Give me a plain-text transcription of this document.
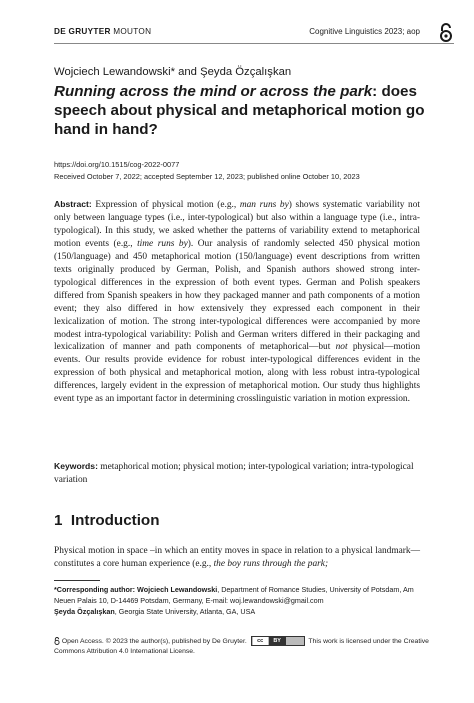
DE GRUYTER MOUTON	Cognitive Linguistics 2023; aop
Wojciech Lewandowski* and Şeyda Özçalışkan
Running across the mind or across the park: does speech about physical and metaphorical motion go hand in hand?
https://doi.org/10.1515/cog-2022-0077
Received October 7, 2022; accepted September 12, 2023; published online October 10, 2023
Abstract: Expression of physical motion (e.g., man runs by) shows systematic variability not only between language types (i.e., inter-typological) but also within a language type (i.e., intra-typological). In this study, we asked whether the patterns of variability extend to metaphorical motion events (e.g., time runs by). Our analysis of randomly selected 450 physical motion (150/language) and 450 metaphorical motion (150/language) event descriptions from written texts originally produced by German, Polish, and Spanish authors showed strong inter-typological differences in the expression of both event types. German and Polish speakers differed from Spanish speakers in how they packaged manner and path components of a motion event; they also differed in how extensively they expressed each component in their lexicalization of motion. The strong inter-typological differences were accompanied by more modest intra-typological variability: Polish and German writers differed in their packaging and lexicalization of manner and path components of metaphorical—but not physical—motion events. Our results provide evidence for robust inter-typological differences evident in the expression of both physical and metaphorical motion, along with less robust intra-typological differences, largely evident in the expression of metaphorical motion. Our study thus highlights event type as an important factor in determining crosslinguistic variation in motion expression.
Keywords: metaphorical motion; physical motion; inter-typological variation; intra-typological variation
1 Introduction
Physical motion in space –in which an entity moves in space in relation to a physical landmark—constitutes a core human experience (e.g., the boy runs through the park;
*Corresponding author: Wojciech Lewandowski, Department of Romance Studies, University of Potsdam, Am Neuen Palais 10, D-14469 Potsdam, Germany, E-mail: woj.lewandowski@gmail.com
Şeyda Özçalışkan, Georgia State University, Atlanta, GA, USA
Open Access. © 2023 the author(s), published by De Gruyter.	cc	BY	This work is licensed under the Creative Commons Attribution 4.0 International License.
